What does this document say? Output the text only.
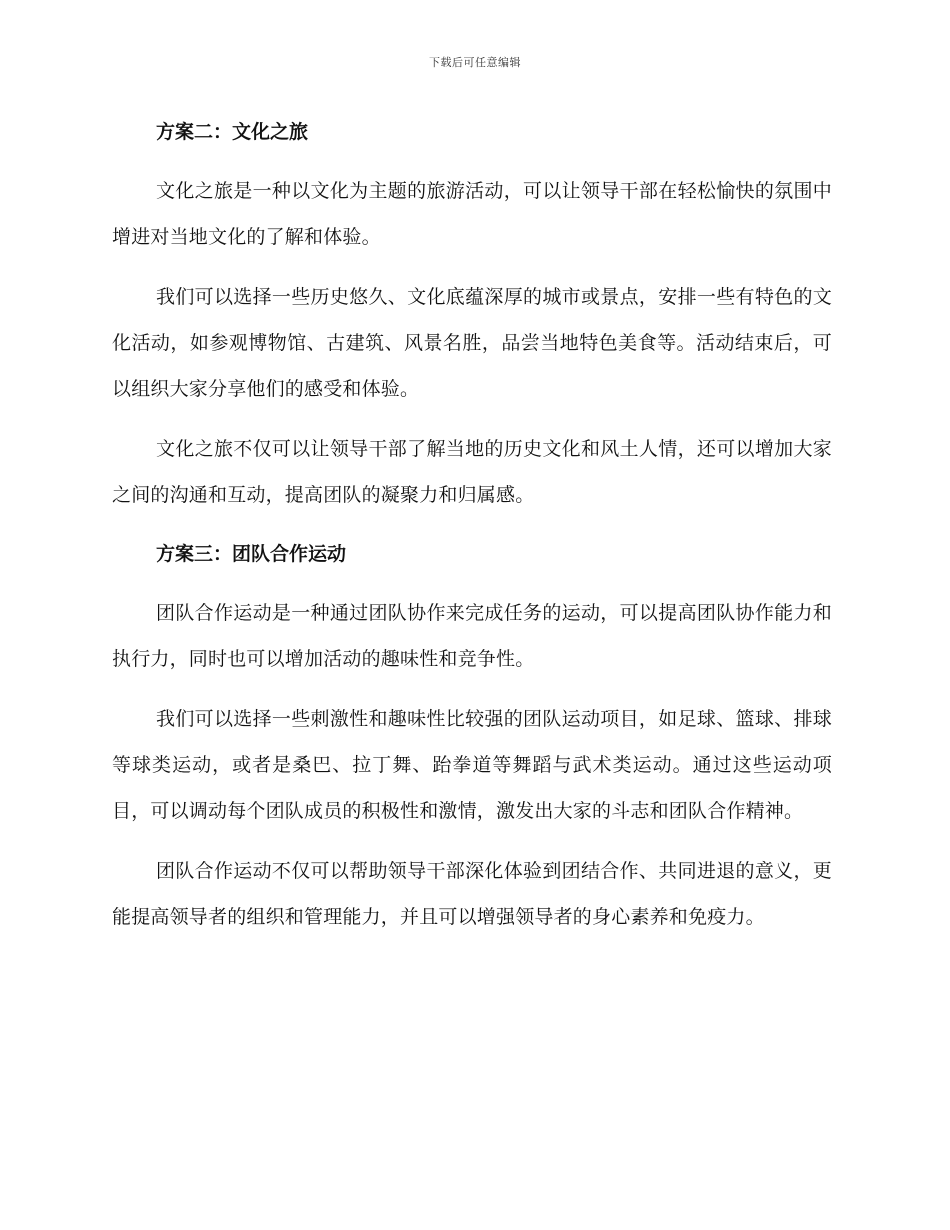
下载后可任意编辑
方案二：文化之旅

文化之旅是一种以文化为主题的旅游活动，可以让领导干部在轻松愉快的氛围中增进对当地文化的了解和体验。

我们可以选择一些历史悠久、文化底蕴深厚的城市或景点，安排一些有特色的文化活动，如参观博物馆、古建筑、风景名胜，品尝当地特色美食等。活动结束后，可以组织大家分享他们的感受和体验。

文化之旅不仅可以让领导干部了解当地的历史文化和风土人情，还可以增加大家之间的沟通和互动，提高团队的凝聚力和归属感。

方案三：团队合作运动

团队合作运动是一种通过团队协作来完成任务的运动，可以提高团队协作能力和执行力，同时也可以增加活动的趣味性和竞争性。

我们可以选择一些刺激性和趣味性比较强的团队运动项目，如足球、篮球、排球等球类运动，或者是桑巴、拉丁舞、跆拳道等舞蹈与武术类运动。通过这些运动项目，可以调动每个团队成员的积极性和激情，激发出大家的斗志和团队合作精神。

团队合作运动不仅可以帮助领导干部深化体验到团结合作、共同进退的意义，更能提高领导者的组织和管理能力，并且可以增强领导者的身心素养和免疫力。
